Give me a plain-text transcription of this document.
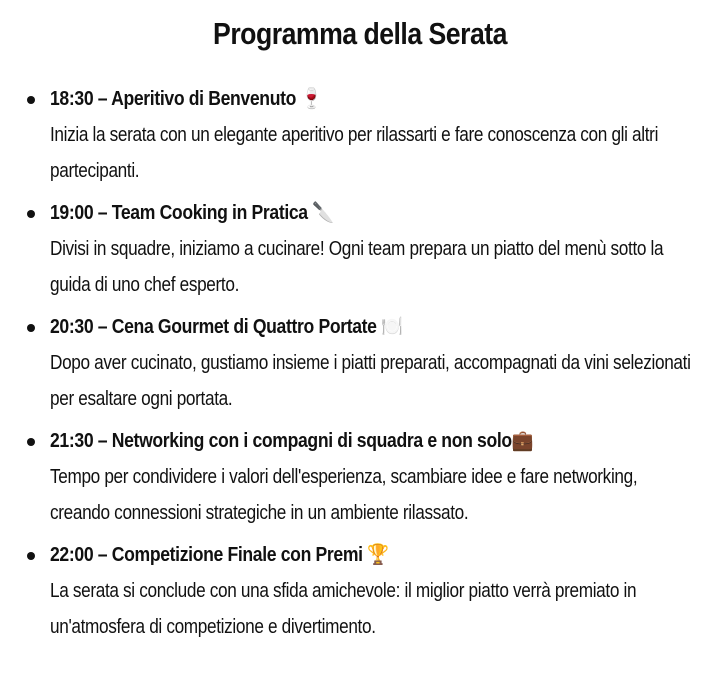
Programma della Serata
18:30 – Aperitivo di Benvenuto 🍷
Inizia la serata con un elegante aperitivo per rilassarti e fare conoscenza con gli altri partecipanti.
19:00 – Team Cooking in Pratica 🔪
Divisi in squadre, iniziamo a cucinare! Ogni team prepara un piatto del menù sotto la guida di uno chef esperto.
20:30 – Cena Gourmet di Quattro Portate 🍽️
Dopo aver cucinato, gustiamo insieme i piatti preparati, accompagnati da vini selezionati per esaltare ogni portata.
21:30 – Networking con i compagni di squadra e non solo💼
Tempo per condividere i valori dell'esperienza, scambiare idee e fare networking, creando connessioni strategiche in un ambiente rilassato.
22:00 – Competizione Finale con Premi 🏆
La serata si conclude con una sfida amichevole: il miglior piatto verrà premiato in un'atmosfera di competizione e divertimento.
